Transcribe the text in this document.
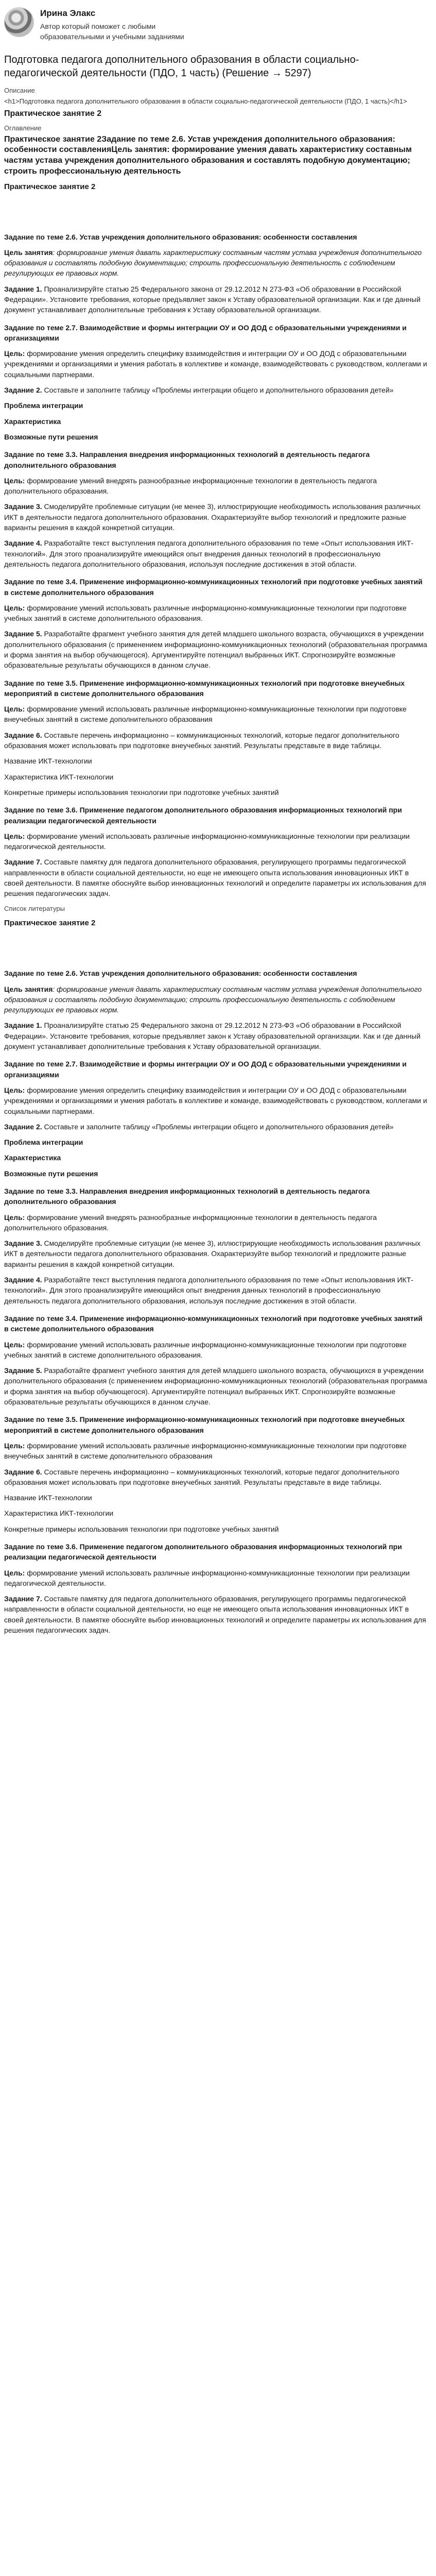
Ирина Элакс
Автор который поможет с любыми образовательными и учебными заданиями
Подготовка педагога дополнительного образования в области социально-педагогической деятельности (ПДО, 1 часть) (Решение → 5297)
Описание
<h1>Подготовка педагога дополнительного образования в области социально-педагогической деятельности (ПДО, 1 часть)</h1>
Практическое занятие 2
Оглавление
Практическое занятие 2Задание по теме 2.6. Устав учреждения дополнительного образования: особенности составленияЦель занятия: формирование умения давать характеристику составным частям устава учреждения дополнительного образования и составлять подобную документацию; строить профессиональную деятельность
Практическое занятие 2
Задание по теме 2.6. Устав учреждения дополнительного образования: особенности составления

Цель занятия: формирование умения давать характеристику составным частям устава учреждения дополнительного образования и составлять подобную документацию; строить профессиональную деятельность с соблюдением регулирующих ее правовых норм.

Задание 1. Проанализируйте статью 25 Федерального закона от 29.12.2012 N 273-ФЗ «Об образовании в Российской Федерации». Установите требования, которые предъявляет закон к Уставу образовательной организации. Как и где данный документ устанавливает дополнительные требования к Уставу образовательной организации.

Задание по теме 2.7. Взаимодействие и формы интеграции ОУ и ОО ДОД с образовательными учреждениями и организациями

Цель: формирование умения определить специфику взаимодействия и интеграции ОУ и ОО ДОД с образовательными учреждениями и организациями и умения работать в коллективе и команде, взаимодействовать с руководством, коллегами и социальными партнерами.

Задание 2. Составьте и заполните таблицу «Проблемы интеграции общего и дополнительного образования детей»

Проблема интеграции
Характеристика
Возможные пути решения
Задание по теме 3.3. Направления внедрения информационных технологий в деятельность педагога дополнительного образования

Цель: формирование умений внедрять разнообразные информационные технологии в деятельность педагога дополнительного образования.

Задание 3. Смоделируйте проблемные ситуации (не менее 3), иллюстрирующие необходимость использования различных ИКТ в деятельности педагога дополнительного образования. Охарактеризуйте выбор технологий и предложите разные варианты решения в каждой конкретной ситуации.

Задание 4. Разработайте текст выступления педагога дополнительного образования по теме «Опыт использования ИКТ-технологий». Для этого проанализируйте имеющийся опыт внедрения данных технологий в профессиональную деятельность педагога дополнительного образования, используя последние достижения в этой области.

Задание по теме 3.4. Применение информационно-коммуникационных технологий при подготовке учебных занятий в системе дополнительного образования

Цель: формирование умений использовать различные информационно-коммуникационные технологии при подготовке учебных занятий в системе дополнительного образования.

Задание 5. Разработайте фрагмент учебного занятия для детей младшего школьного возраста, обучающихся в учреждении дополнительного образования (с применением информационно-коммуникационных технологий (образовательная программа и форма занятия на выбор обучающегося). Аргументируйте потенциал выбранных ИКТ. Спрогнозируйте возможные образовательные результаты обучающихся в данном случае.

Задание по теме 3.5. Применение информационно-коммуникационных технологий при подготовке внеучебных мероприятий в системе дополнительного образования

Цель: формирование умений использовать различные информационно-коммуникационные технологии при подготовке внеучебных занятий в системе дополнительного образования

Задание 6. Составьте перечень информационно – коммуникационных технологий, которые педагог дополнительного образования может использовать при подготовке внеучебных занятий. Результаты представьте в виде таблицы.

Название ИКТ-технологии

Характеристика ИКТ-технологии

Конкретные примеры использования технологии при подготовке учебных занятий

Задание по теме 3.6. Применение педагогом дополнительного образования информационных технологий при реализации педагогической деятельности

Цель: формирование умений использовать различные информационно-коммуникационные технологии при реализации педагогической деятельности.

Задание 7. Составьте памятку для педагога дополнительного образования, регулирующего программы педагогической направленности в области социальной деятельности, но еще не имеющего опыта использования инновационных ИКТ в своей деятельности. В памятке обоснуйте выбор инновационных технологий и определите параметры их использования для решения педагогических задач.

Список литературы
Практическое занятие 2
Задание по теме 2.6. Устав учреждения дополнительного образования: особенности составления

Цель занятия: формирование умения давать характеристику составным частям устава учреждения дополнительного образования и составлять подобную документацию; строить профессиональную деятельность с соблюдением регулирующих ее правовых норм.

Задание 1. Проанализируйте статью 25 Федерального закона от 29.12.2012 N 273-ФЗ «Об образовании в Российской Федерации». Установите требования, которые предъявляет закон к Уставу образовательной организации. Как и где данный документ устанавливает дополнительные требования к Уставу образовательной организации.

Задание по теме 2.7. Взаимодействие и формы интеграции ОУ и ОО ДОД с образовательными учреждениями и организациями

Цель: формирование умения определить специфику взаимодействия и интеграции ОУ и ОО ДОД с образовательными учреждениями и организациями и умения работать в коллективе и команде, взаимодействовать с руководством, коллегами и социальными партнерами.

Задание 2. Составьте и заполните таблицу «Проблемы интеграции общего и дополнительного образования детей»

Проблема интеграции
Характеристика
Возможные пути решения
Задание по теме 3.3. Направления внедрения информационных технологий в деятельность педагога дополнительного образования

Цель: формирование умений внедрять разнообразные информационные технологии в деятельность педагога дополнительного образования.

Задание 3. Смоделируйте проблемные ситуации (не менее 3), иллюстрирующие необходимость использования различных ИКТ в деятельности педагога дополнительного образования. Охарактеризуйте выбор технологий и предложите разные варианты решения в каждой конкретной ситуации.

Задание 4. Разработайте текст выступления педагога дополнительного образования по теме «Опыт использования ИКТ-технологий». Для этого проанализируйте имеющийся опыт внедрения данных технологий в профессиональную деятельность педагога дополнительного образования, используя последние достижения в этой области.

Задание по теме 3.4. Применение информационно-коммуникационных технологий при подготовке учебных занятий в системе дополнительного образования

Цель: формирование умений использовать различные информационно-коммуникационные технологии при подготовке учебных занятий в системе дополнительного образования.

Задание 5. Разработайте фрагмент учебного занятия для детей младшего школьного возраста, обучающихся в учреждении дополнительного образования (с применением информационно-коммуникационных технологий (образовательная программа и форма занятия на выбор обучающегося). Аргументируйте потенциал выбранных ИКТ. Спрогнозируйте возможные образовательные результаты обучающихся в данном случае.

Задание по теме 3.5. Применение информационно-коммуникационных технологий при подготовке внеучебных мероприятий в системе дополнительного образования

Цель: формирование умений использовать различные информационно-коммуникационные технологии при подготовке внеучебных занятий в системе дополнительного образования

Задание 6. Составьте перечень информационно – коммуникационных технологий, которые педагог дополнительного образования может использовать при подготовке внеучебных занятий. Результаты представьте в виде таблицы.

Название ИКТ-технологии

Характеристика ИКТ-технологии

Конкретные примеры использования технологии при подготовке учебных занятий

Задание по теме 3.6. Применение педагогом дополнительного образования информационных технологий при реализации педагогической деятельности

Цель: формирование умений использовать различные информационно-коммуникационные технологии при реализации педагогической деятельности.

Задание 7. Составьте памятку для педагога дополнительного образования, регулирующего программы педагогической направленности в области социальной деятельности, но еще не имеющего опыта использования инновационных ИКТ в своей деятельности. В памятке обоснуйте выбор инновационных технологий и определите параметры их использования для решения педагогических задач.
